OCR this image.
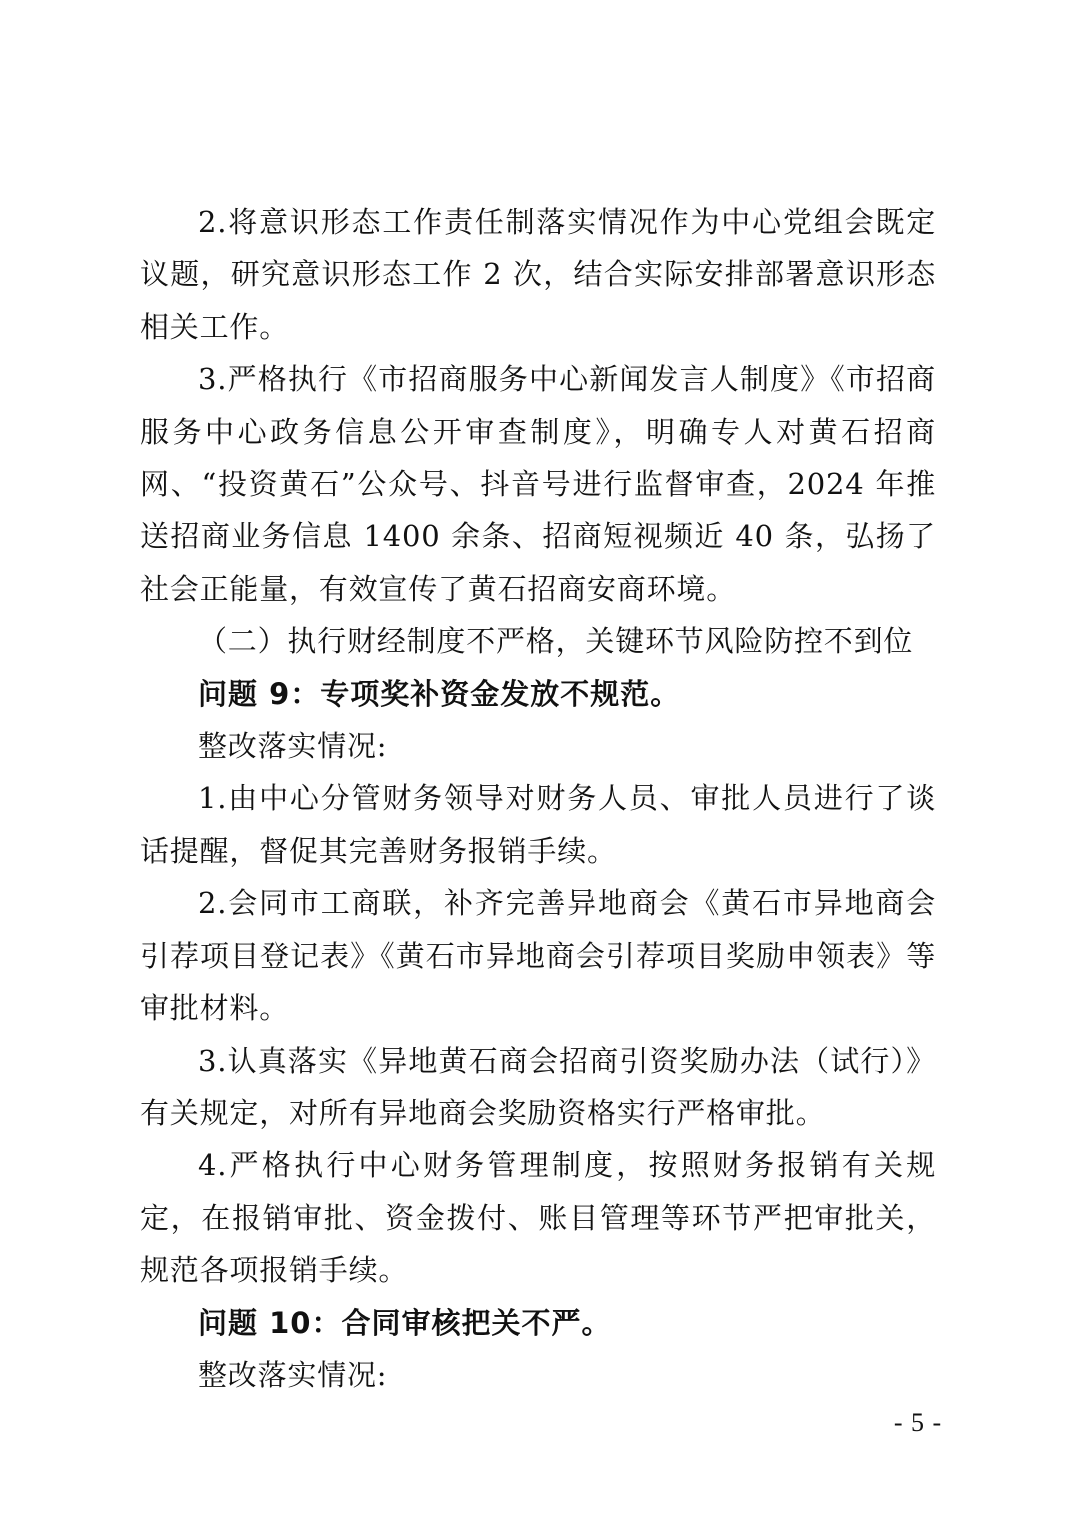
2.将意识形态工作责任制落实情况作为中心党组会既定议题，研究意识形态工作 2 次，结合实际安排部署意识形态相关工作。

3.严格执行《市招商服务中心新闻发言人制度》《市招商服务中心政务信息公开审查制度》，明确专人对黄石招商网、“投资黄石”公众号、抖音号进行监督审查，2024 年推送招商业务信息 1400 余条、招商短视频近 40 条，弘扬了社会正能量，有效宣传了黄石招商安商环境。

（二）执行财经制度不严格，关键环节风险防控不到位

问题 9：专项奖补资金发放不规范。

整改落实情况:

1.由中心分管财务领导对财务人员、审批人员进行了谈话提醒，督促其完善财务报销手续。

2.会同市工商联，补齐完善异地商会《黄石市异地商会引荐项目登记表》《黄石市异地商会引荐项目奖励申领表》等审批材料。

3.认真落实《异地黄石商会招商引资奖励办法（试行）》有关规定，对所有异地商会奖励资格实行严格审批。

4.严格执行中心财务管理制度，按照财务报销有关规定，在报销审批、资金拨付、账目管理等环节严把审批关，规范各项报销手续。

问题 10：合同审核把关不严。

整改落实情况:

- 5 -
